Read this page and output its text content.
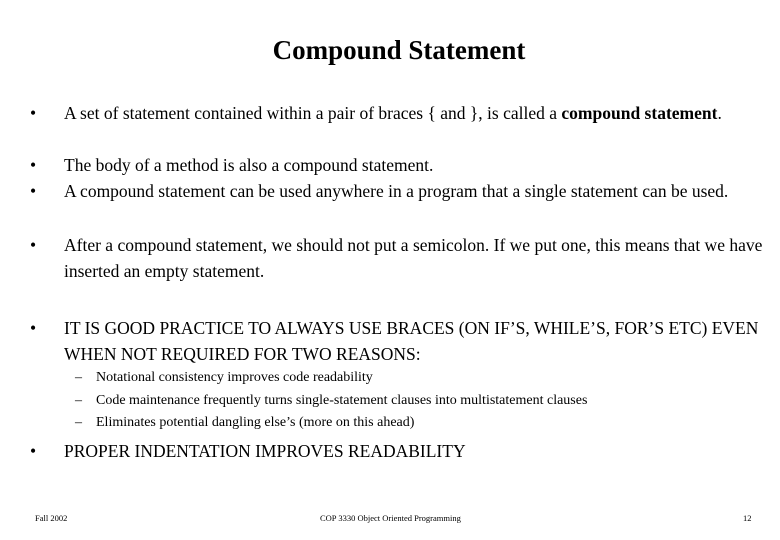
Compound Statement
•	A set of statement contained within a pair of braces { and }, is called a compound statement.
•	The body of a method is also a compound statement.
•	A compound statement can be used anywhere in a program that a single statement can be used.
•	After a compound statement, we should not put a semicolon. If we put one, this means that we have inserted an empty statement.
•	IT IS GOOD PRACTICE TO ALWAYS USE BRACES (ON IF’S, WHILE’S, FOR’S ETC) EVEN WHEN NOT REQUIRED FOR TWO REASONS:
– Notational consistency improves code readability
– Code maintenance frequently turns single-statement clauses into multistatement clauses
– Eliminates potential dangling else’s (more on this ahead)
•	PROPER INDENTATION IMPROVES READABILITY
Fall 2002	COP 3330 Object Oriented Programming	12
